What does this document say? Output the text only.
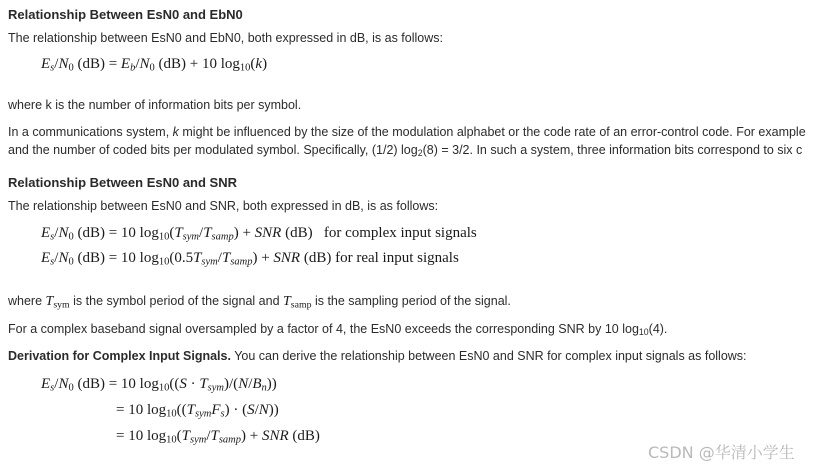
Relationship Between EsN0 and EbN0
The relationship between EsN0 and EbN0, both expressed in dB, is as follows:
$E_s/N_0$ $(dB) = E_b/N_0$ (dB) + 10 $\log_{10}(k)$
where k is the number of information bits per symbol.
In a communications system, k might be influenced by the size of the modulation alphabet or the code rate of an error-control code. For example
and the number of coded bits per modulated symbol. Specifically, (1/2) $\log_2(8) = 3/2$. In such a system, three information bits correspond to six c
Relationship Between EsN0 and SNR
The relationship between EsN0 and SNR, both expressed in dB, is as follows:
$E_s/N_0$ (dB) = 10 $\log_{10}(T_{sym}/T_{samp})$ + SNR (dB)   for complex input signals
$E_s/N_0$ (dB) = 10 $\log_{10}(0.5T_{sym}/T_{samp})$ + SNR (dB) for real input signals
where $T_{sym}$ is the symbol period of the signal and $T_{samp}$ is the sampling period of the signal.
For a complex baseband signal oversampled by a factor of 4, the EsN0 exceeds the corresponding SNR by 10 $\log_{10}(4)$.
Derivation for Complex Input Signals. You can derive the relationship between EsN0 and SNR for complex input signals as follows:
$E_s/N_0$ (dB) = 10 $\log_{10}((S \cdot T_{sym})/(N/B_n))$
= 10 $\log_{10}((T_{sym}F_s) \cdot (S/N))$
= 10 $\log_{10}(T_{sym}/T_{samp})$ + SNR (dB)
CSDN @华清小学生
